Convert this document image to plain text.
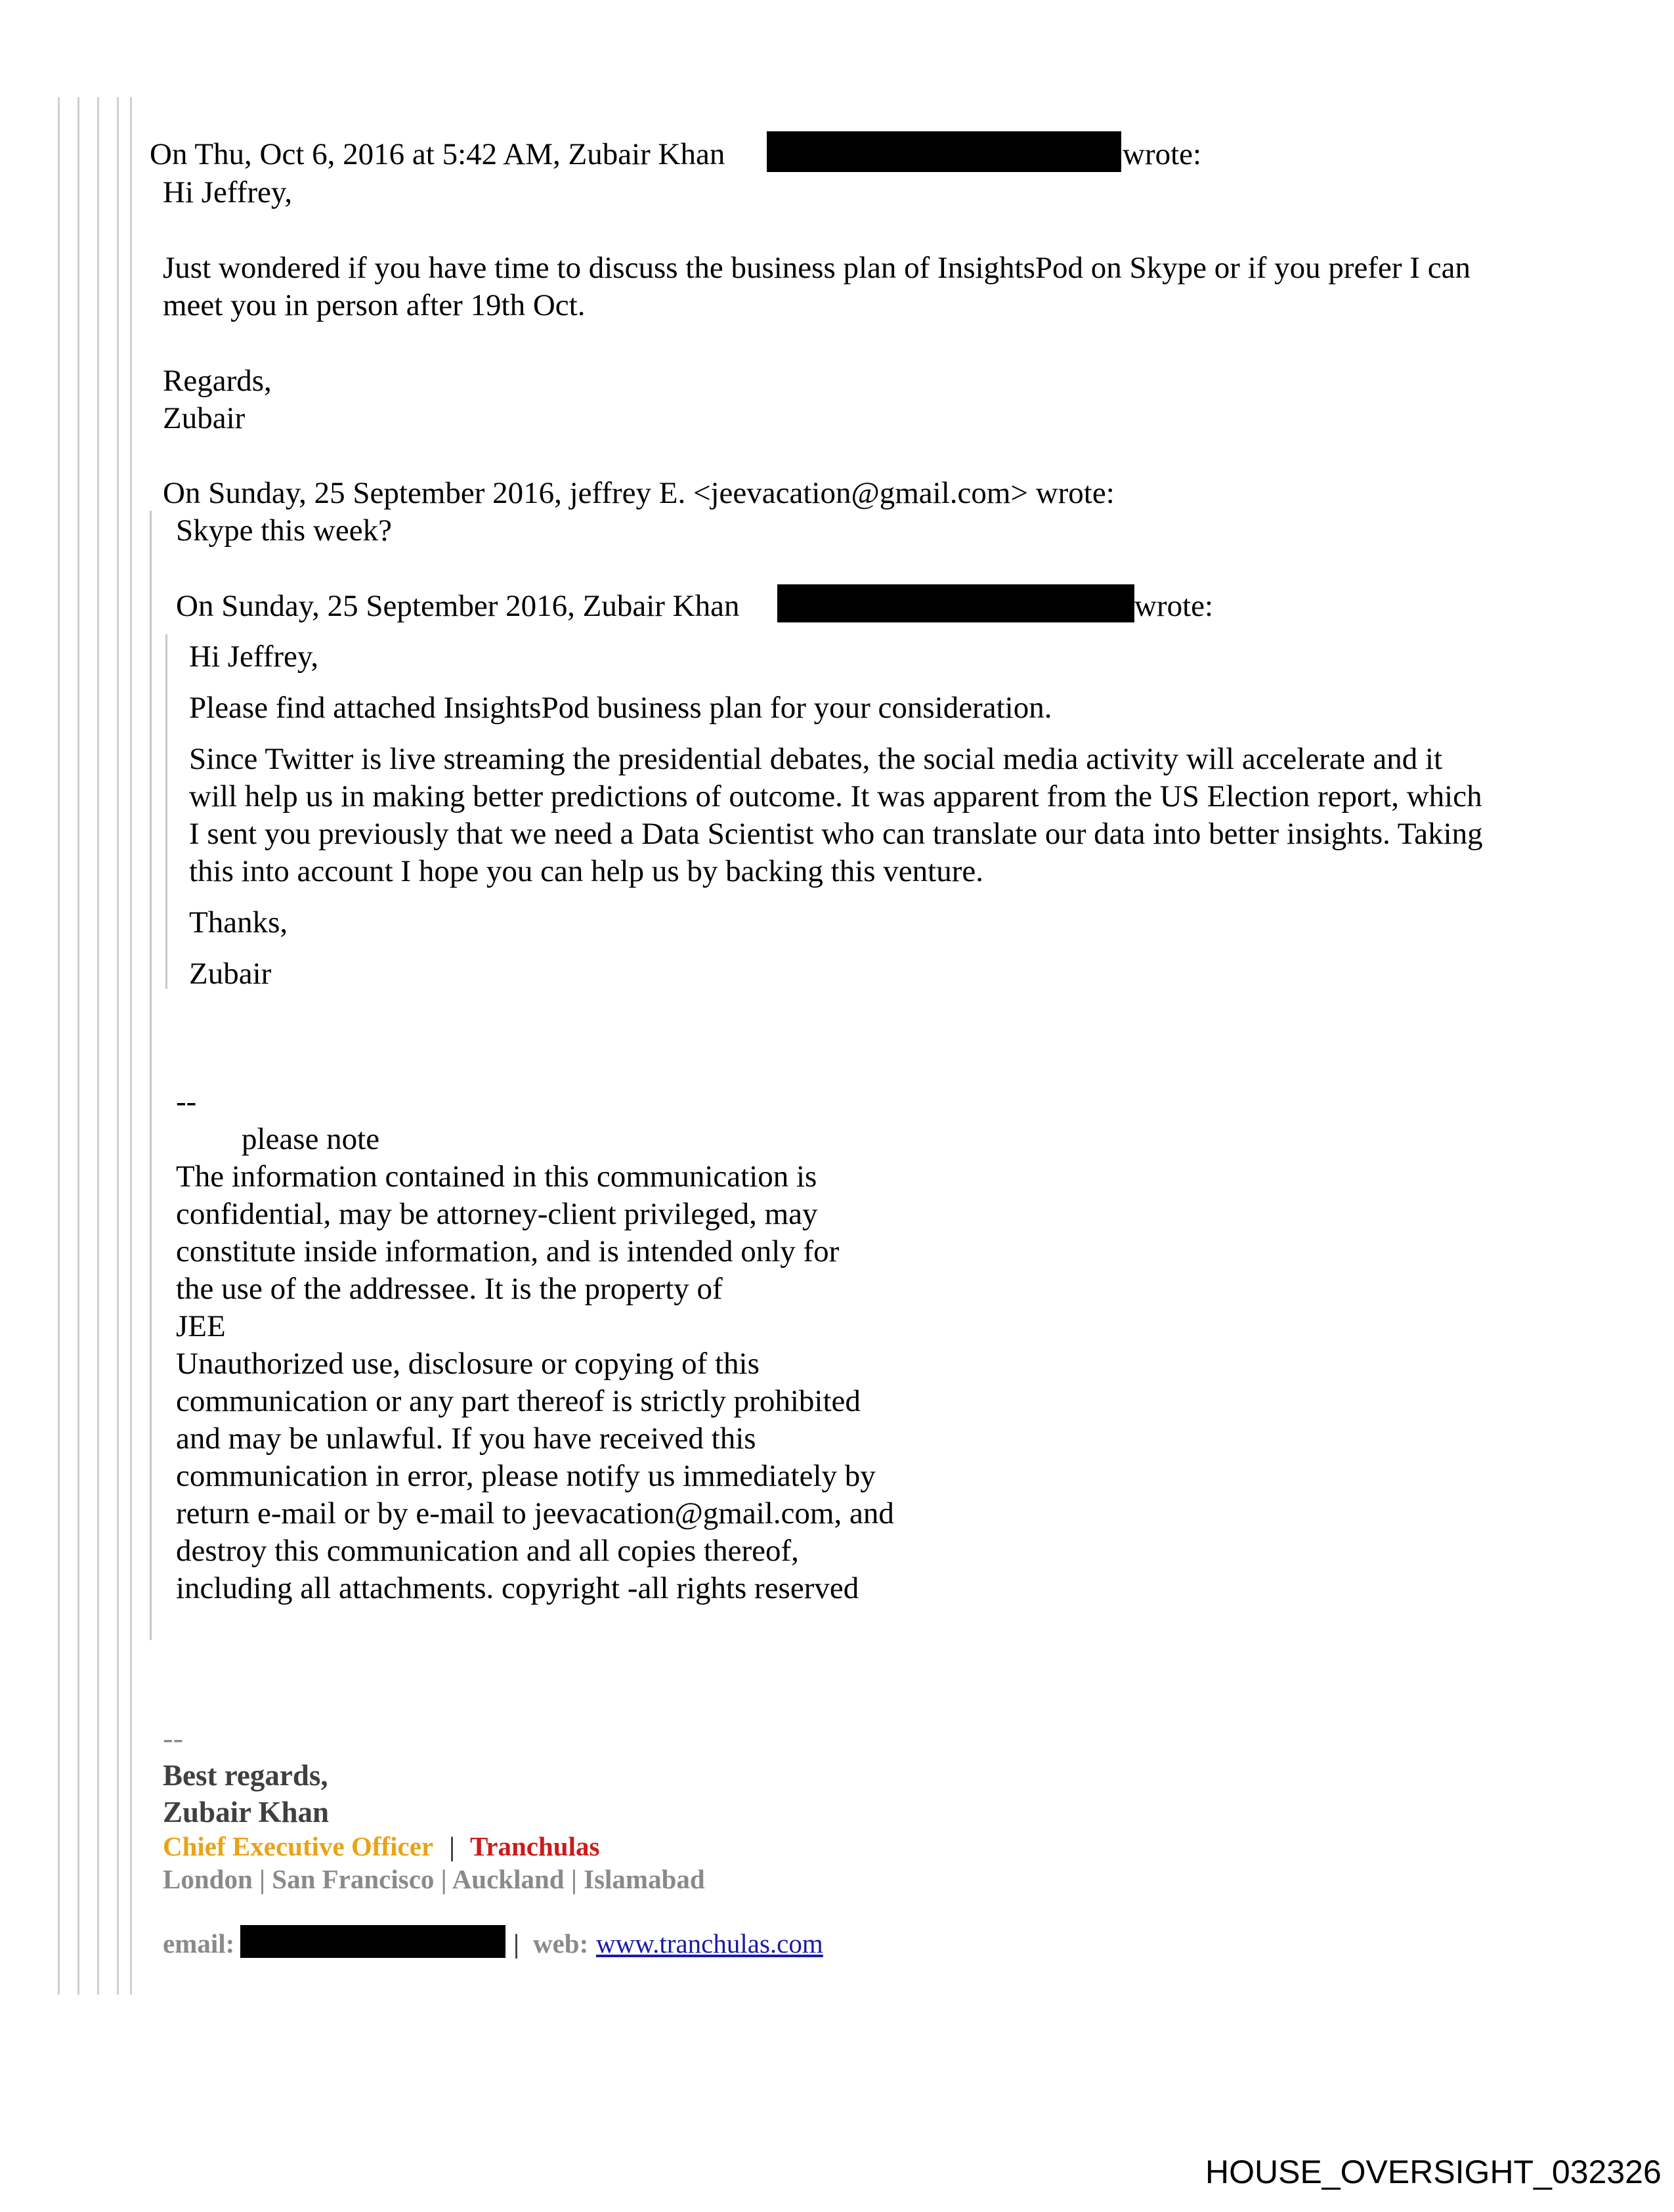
On Thu, Oct 6, 2016 at 5:42 AM, Zubair Khan	wrote:
Hi Jeffrey,
Just wondered if you have time to discuss the business plan of InsightsPod on Skype or if you prefer I can
meet you in person after 19th Oct.
Regards,
Zubair
On Sunday, 25 September 2016, jeffrey E. <jeevacation@gmail.com> wrote:
Skype this week?
On Sunday, 25 September 2016, Zubair Khan	wrote:
Hi Jeffrey,
Please find attached InsightsPod business plan for your consideration.
Since Twitter is live streaming the presidential debates, the social media activity will accelerate and it
will help us in making better predictions of outcome. It was apparent from the US Election report, which
I sent you previously that we need a Data Scientist who can translate our data into better insights. Taking
this into account I hope you can help us by backing this venture.
Thanks,
Zubair
--
please note
The information contained in this communication is
confidential, may be attorney-client privileged, may
constitute inside information, and is intended only for
the use of the addressee. It is the property of
JEE
Unauthorized use, disclosure or copying of this
communication or any part thereof is strictly prohibited
and may be unlawful. If you have received this
communication in error, please notify us immediately by
return e-mail or by e-mail to jeevacation@gmail.com, and
destroy this communication and all copies thereof,
including all attachments. copyright -all rights reserved
--
Best regards,
Zubair Khan
Chief Executive Officer | Tranchulas
London | San Francisco | Auckland | Islamabad
email:	| web: www.tranchulas.com
HOUSE_OVERSIGHT_032326
